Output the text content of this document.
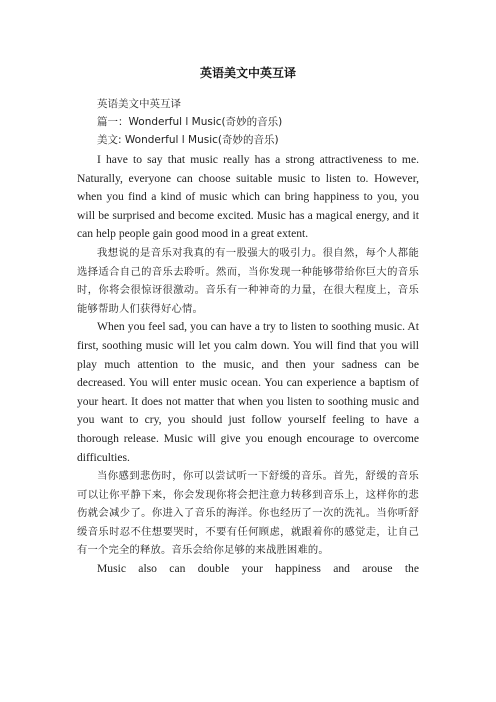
英语美文中英互译
英语美文中英互译
篇一：Wonderful l Music(奇妙的音乐)
美文: Wonderful l Music(奇妙的音乐)

I have to say that music really has a strong attractiveness to me. Naturally, everyone can choose suitable music to listen to. However, when you find a kind of music which can bring happiness to you, you will be surprised and become excited. Music has a magical energy, and it can help people gain good mood in a great extent.

我想说的是音乐对我真的有一股强大的吸引力。很自然，每个人都能选择适合自己的音乐去聆听。然而，当你发现一种能够带给你巨大的音乐时，你将会很惊讶很激动。音乐有一种神奇的力量，在很大程度上，音乐能够帮助人们获得好心情。

When you feel sad, you can have a try to listen to soothing music. At first, soothing music will let you calm down. You will find that you will play much attention to the music, and then your sadness can be decreased. You will enter music ocean. You can experience a baptism of your heart. It does not matter that when you listen to soothing music and you want to cry, you should just follow yourself feeling to have a thorough release. Music will give you enough encourage to overcome difficulties.

当你感到悲伤时，你可以尝试听一下舒缓的音乐。首先，舒缓的音乐可以让你平静下来，你会发现你将会把注意力转移到音乐上，这样你的悲伤就会减少了。你进入了音乐的海洋。你也经历了一次的洗礼。当你听舒缓音乐时忍不住想要哭时，不要有任何顾虑，就跟着你的感觉走，让自己有一个完全的释放。音乐会给你足够的来战胜困难的。

Music also can double your happiness and arouse the
